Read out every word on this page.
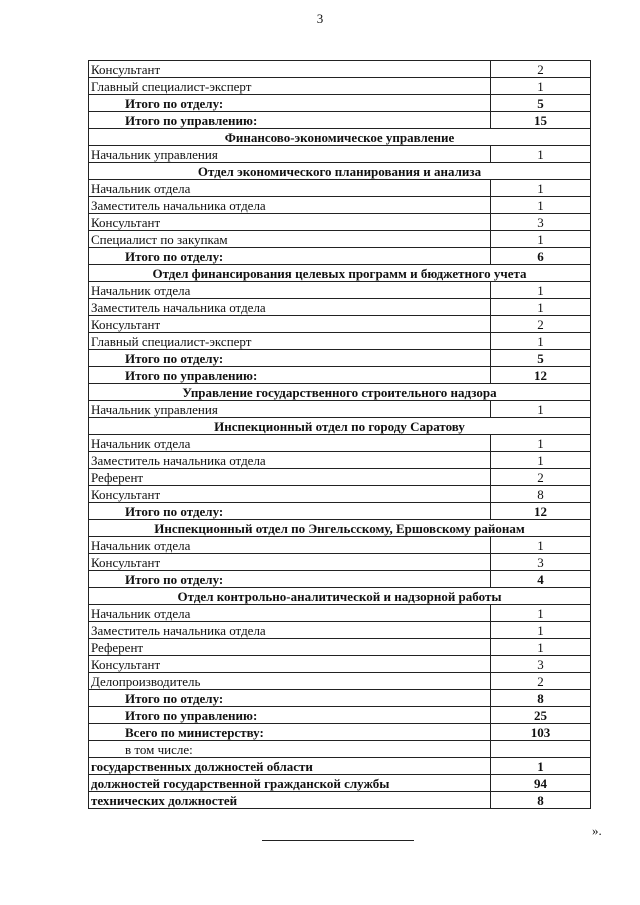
3
Консультант	2
Главный специалист-эксперт	1
Итого по отделу:	5
Итого по управлению:	15
Финансово-экономическое управление	
Начальник управления	1
Отдел экономического планирования и анализа	
Начальник отдела	1
Заместитель начальника отдела	1
Консультант	3
Специалист по закупкам	1
Итого по отделу:	6
Отдел финансирования целевых программ и бюджетного учета	
Начальник отдела	1
Заместитель начальника отдела	1
Консультант	2
Главный специалист-эксперт	1
Итого по отделу:	5
Итого по управлению:	12
Управление государственного строительного надзора	
Начальник управления	1
Инспекционный отдел по городу Саратову	
Начальник отдела	1
Заместитель начальника отдела	1
Референт	2
Консультант	8
Итого по отделу:	12
Инспекционный отдел по Энгельсскому, Ершовскому районам	
Начальник отдела	1
Консультант	3
Итого по отделу:	4
Отдел контрольно-аналитической и надзорной работы	
Начальник отдела	1
Заместитель начальника отдела	1
Референт	1
Консультант	3
Делопроизводитель	2
Итого по отделу:	8
Итого по управлению:	25
Всего по министерству:	103
в том числе:	
государственных должностей области	1
должностей государственной гражданской службы	94
технических должностей	8
».
